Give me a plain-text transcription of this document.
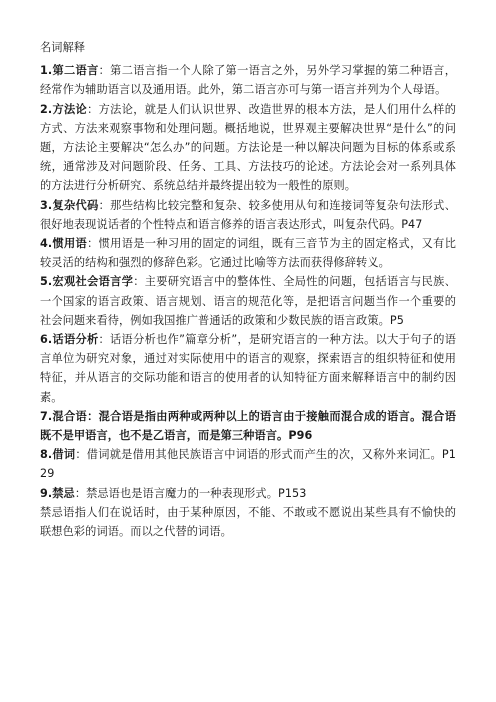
名词解释

1.第二语言：第二语言指一个人除了第一语言之外，另外学习掌握的第二种语言，经常作为辅助语言以及通用语。此外，第二语言亦可与第一语言并列为个人母语。

2.方法论：方法论，就是人们认识世界、改造世界的根本方法，是人们用什么样的方式、方法来观察事物和处理问题。概括地说，世界观主要解决世界“是什么”的问题，方法论主要解决“怎么办”的问题。方法论是一种以解决问题为目标的体系或系统，通常涉及对问题阶段、任务、工具、方法技巧的论述。方法论会对一系列具体的方法进行分析研究、系统总结并最终提出较为一般性的原则。

3.复杂代码：那些结构比较完整和复杂、较多使用从句和连接词等复杂句法形式、很好地表现说话者的个性特点和语言修养的语言表达形式，叫复杂代码。P47

4.惯用语：惯用语是一种习用的固定的词组，既有三音节为主的固定格式，又有比较灵活的结构和强烈的修辞色彩。它通过比喻等方法而获得修辞转义。

5.宏观社会语言学：主要研究语言中的整体性、全局性的问题，包括语言与民族、一个国家的语言政策、语言规划、语言的规范化等，是把语言问题当作一个重要的社会问题来看待，例如我国推广普通话的政策和少数民族的语言政策。P5

6.话语分析：话语分析也作”篇章分析”，是研究语言的一种方法。以大于句子的语言单位为研究对象，通过对实际使用中的语言的观察，探索语言的组织特征和使用特征，并从语言的交际功能和语言的使用者的认知特征方面来解释语言中的制约因素。

7.混合语：混合语是指由两种或两种以上的语言由于接触而混合成的语言。混合语既不是甲语言，也不是乙语言，而是第三种语言。P96

8.借词：借词就是借用其他民族语言中词语的形式而产生的次，又称外来词汇。P129

9.禁忌：禁忌语也是语言魔力的一种表现形式。P153

禁忌语指人们在说话时，由于某种原因，不能、不敢或不愿说出某些具有不愉快的联想色彩的词语。而以之代替的词语。
